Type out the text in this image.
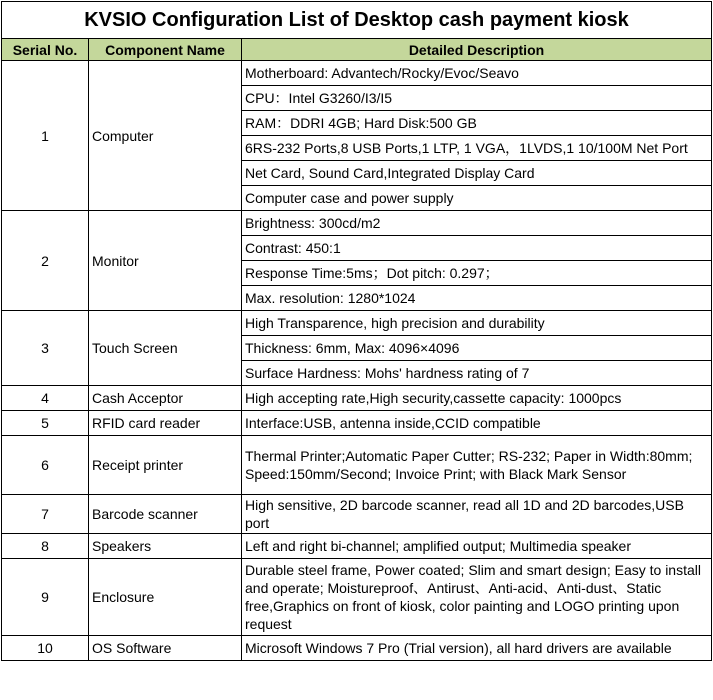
KVSIO Configuration List of Desktop cash payment kiosk		
Serial No.	Component Name	Detailed Description
1	Computer	Motherboard: Advantech/Rocky/Evoc/Seavo
		CPU：Intel G3260/I3/I5
		RAM：DDRI 4GB; Hard Disk:500 GB
		6RS-232 Ports,8 USB Ports,1 LTP, 1 VGA，1LVDS,1 10/100M Net Port
		Net Card, Sound Card,Integrated Display Card
		Computer case and power supply
2	Monitor	Brightness: 300cd/m2
		Contrast: 450:1
		Response Time:5ms；Dot pitch: 0.297；
		Max. resolution: 1280*1024
3	Touch Screen	High Transparence, high precision and durability
		Thickness: 6mm, Max: 4096×4096
		Surface Hardness: Mohs' hardness rating of 7
4	Cash Acceptor	High accepting rate,High security,cassette capacity: 1000pcs
5	RFID card reader	Interface:USB, antenna inside,CCID compatible
6	Receipt printer	Thermal Printer;Automatic Paper Cutter; RS-232; Paper in Width:80mm; Speed:150mm/Second; Invoice Print; with Black Mark Sensor
7	Barcode scanner	High sensitive, 2D barcode scanner, read all 1D and 2D barcodes,USB port
8	Speakers	Left and right bi-channel; amplified output; Multimedia speaker
9	Enclosure	Durable steel frame, Power coated; Slim and smart design; Easy to install and operate; Moistureproof、Antirust、Anti-acid、Anti-dust、Static free,Graphics on front of kiosk, color painting and LOGO printing upon request
10	OS Software	Microsoft Windows 7 Pro (Trial version), all hard drivers are available
